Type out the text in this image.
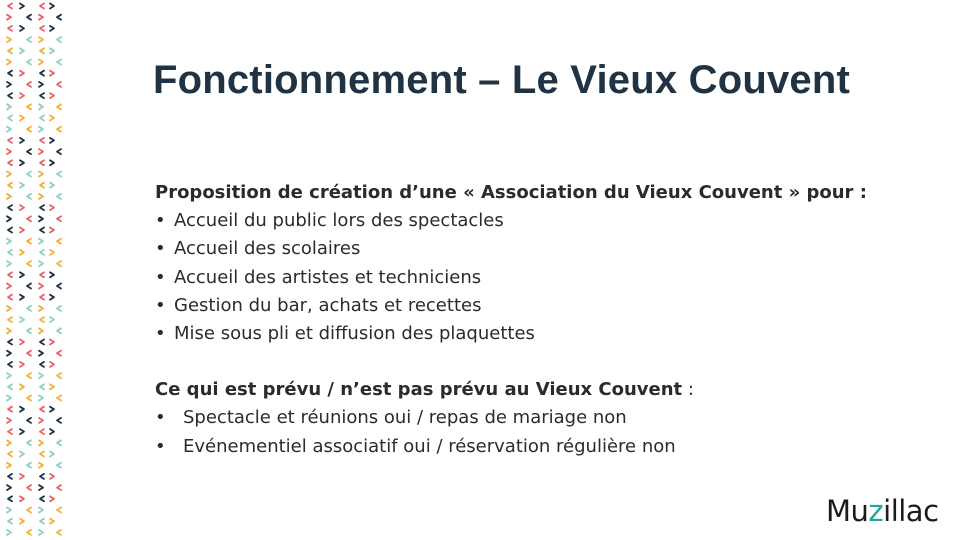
Fonctionnement – Le Vieux Couvent
Proposition de création d’une « Association du Vieux Couvent » pour :
• Accueil du public lors des spectacles
• Accueil des scolaires
• Accueil des artistes et techniciens
• Gestion du bar, achats et recettes
• Mise sous pli et diffusion des plaquettes
Ce qui est prévu / n’est pas prévu au Vieux Couvent :
• Spectacle et réunions oui / repas de mariage non
• Evénementiel associatif oui / réservation régulière non
Muzillac
